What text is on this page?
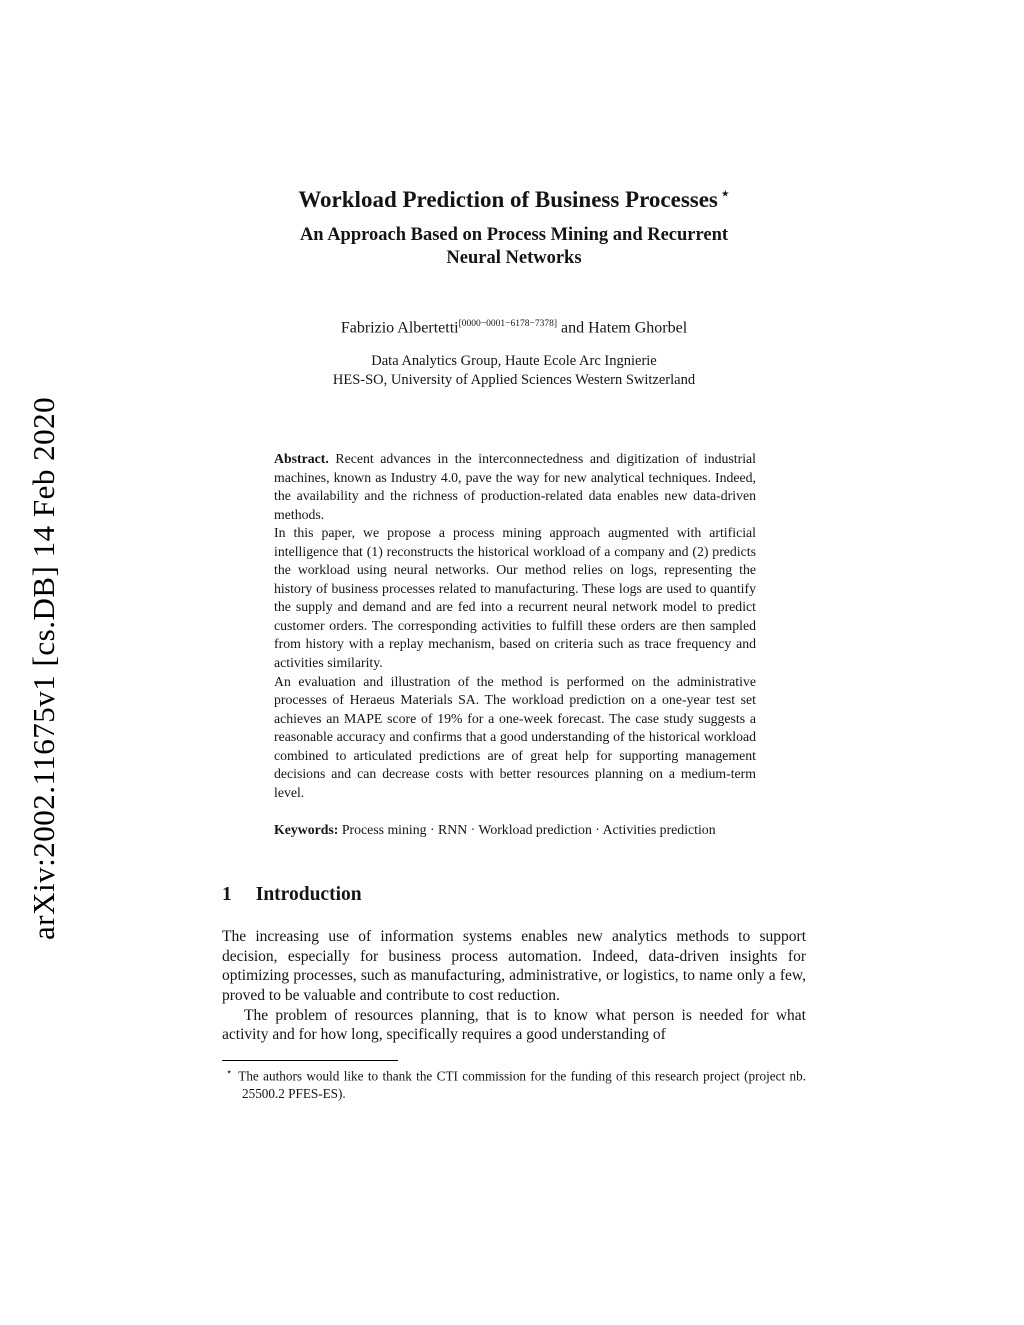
arXiv:2002.11675v1 [cs.DB] 14 Feb 2020
Workload Prediction of Business Processes ⋆
An Approach Based on Process Mining and Recurrent Neural Networks
Fabrizio Albertetti[0000−0001−6178−7378] and Hatem Ghorbel
Data Analytics Group, Haute Ecole Arc Ingnierie
HES-SO, University of Applied Sciences Western Switzerland

Abstract. Recent advances in the interconnectedness and digitization of industrial machines, known as Industry 4.0, pave the way for new analytical techniques. Indeed, the availability and the richness of production-related data enables new data-driven methods.

In this paper, we propose a process mining approach augmented with artificial intelligence that (1) reconstructs the historical workload of a company and (2) predicts the workload using neural networks. Our method relies on logs, representing the history of business processes related to manufacturing. These logs are used to quantify the supply and demand and are fed into a recurrent neural network model to predict customer orders. The corresponding activities to fulfill these orders are then sampled from history with a replay mechanism, based on criteria such as trace frequency and activities similarity.

An evaluation and illustration of the method is performed on the administrative processes of Heraeus Materials SA. The workload prediction on a one-year test set achieves an MAPE score of 19% for a one-week forecast. The case study suggests a reasonable accuracy and confirms that a good understanding of the historical workload combined to articulated predictions are of great help for supporting management decisions and can decrease costs with better resources planning on a medium-term level.

Keywords: Process mining · RNN · Workload prediction · Activities prediction
1 Introduction

The increasing use of information systems enables new analytics methods to support decision, especially for business process automation. Indeed, data-driven insights for optimizing processes, such as manufacturing, administrative, or logistics, to name only a few, proved to be valuable and contribute to cost reduction.

The problem of resources planning, that is to know what person is needed for what activity and for how long, specifically requires a good understanding of

⋆ The authors would like to thank the CTI commission for the funding of this research project (project nb. 25500.2 PFES-ES).
